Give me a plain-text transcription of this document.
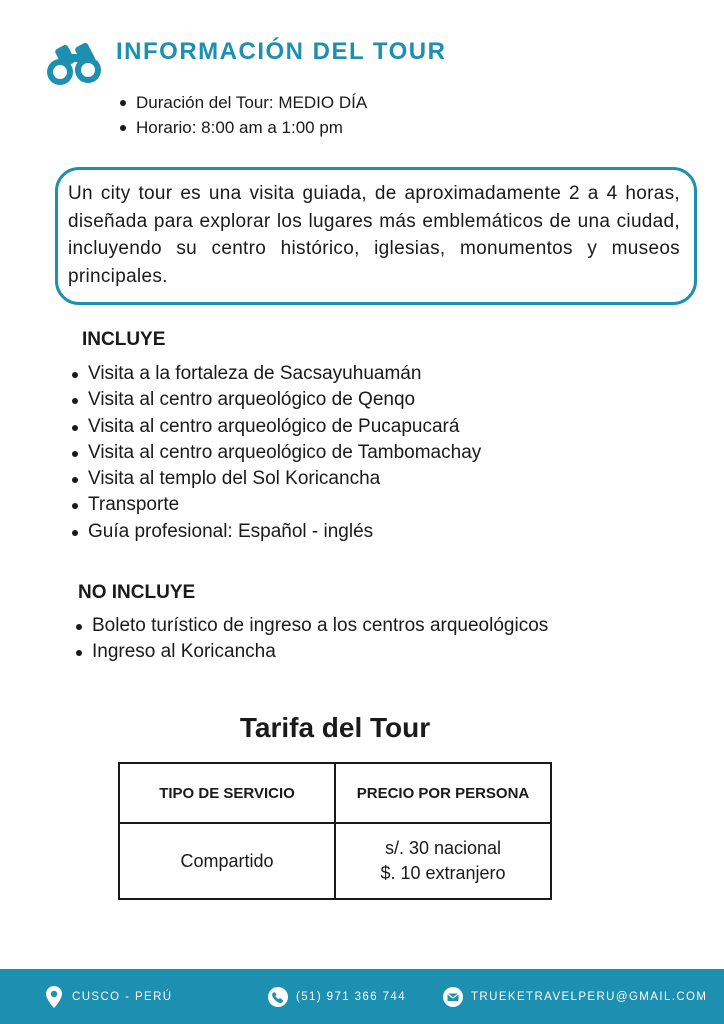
INFORMACIÓN DEL TOUR
Duración del Tour: MEDIO DÍA
Horario: 8:00 am a 1:00 pm
Un city tour es una visita guiada, de aproximadamente 2 a 4 horas, diseñada para explorar los lugares más emblemáticos de una ciudad, incluyendo su centro histórico, iglesias, monumentos y museos principales.
INCLUYE
Visita a la fortaleza de Sacsayuhuamán
Visita al centro arqueológico de Qenqo
Visita al centro arqueológico de Pucapucará
Visita al centro arqueológico de Tambomachay
Visita al templo del Sol Koricancha
Transporte
Guía profesional: Español - inglés
NO INCLUYE
Boleto turístico de ingreso a los centros arqueológicos
Ingreso al Koricancha
Tarifa del Tour
TIPO DE SERVICIO	PRECIO POR PERSONA
Compartido	s/. 30 nacional
$. 10 extranjero
CUSCO - PERÚ	(51) 971 366 744	TRUEKETRAVELPERU@GMAIL.COM
